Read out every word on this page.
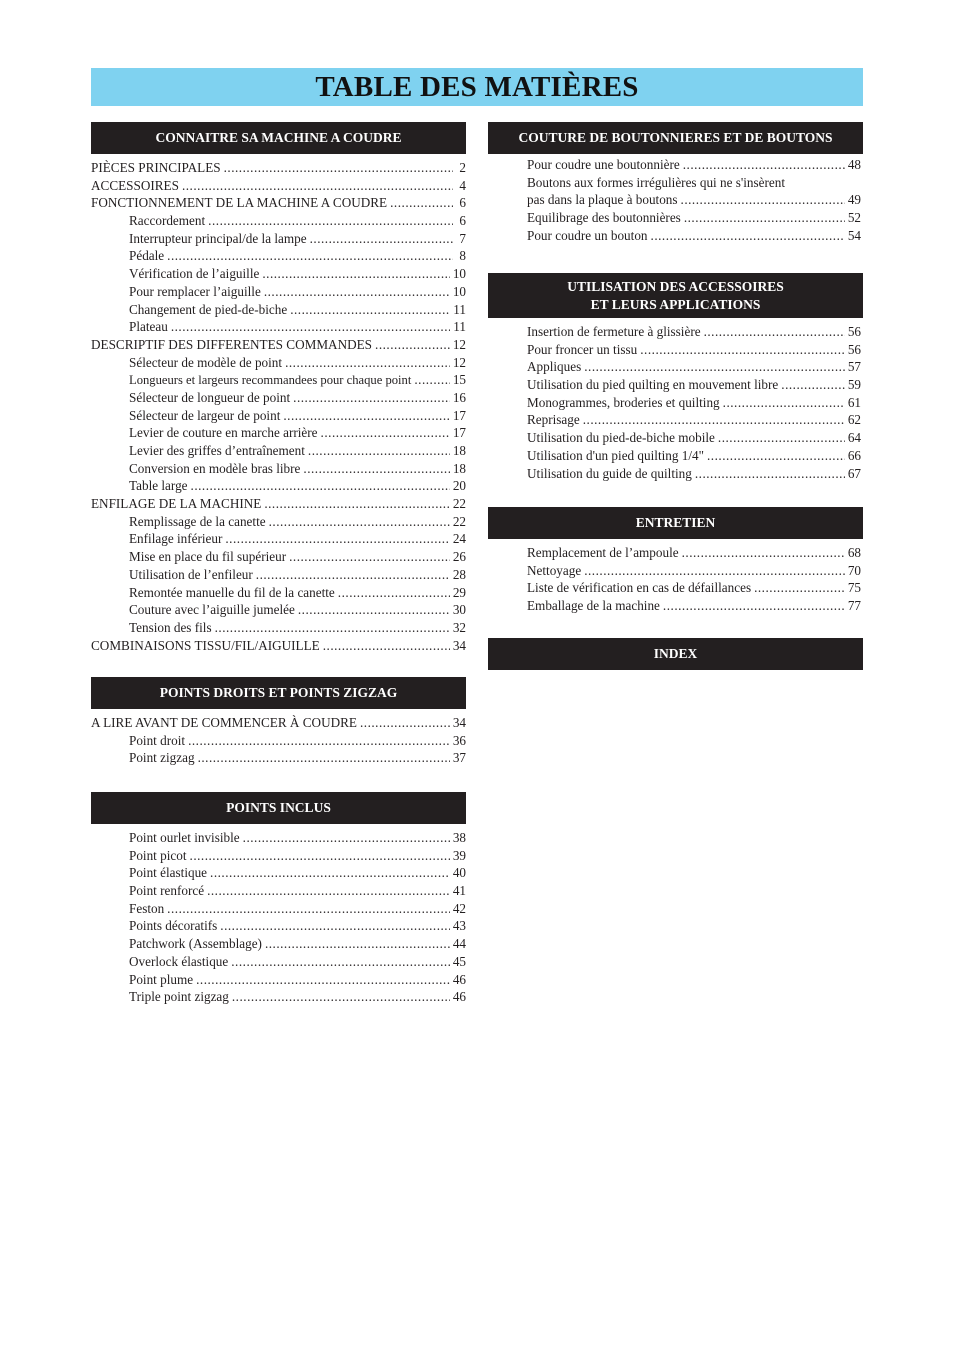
TABLE DES MATIÈRES
CONNAITRE SA MACHINE A COUDRE
PIÈCES PRINCIPALES .....	2
ACCESSOIRES .....	4
FONCTIONNEMENT DE LA MACHINE A COUDRE .....	6
Raccordement .....	6
Interrupteur principal/de la lampe .....	7
Pédale .....	8
Vérification de l’aiguille .....	10
Pour remplacer l’aiguille .....	10
Changement de pied-de-biche .....	11
Plateau .....	11
DESCRIPTIF DES DIFFERENTES COMMANDES .....	12
Sélecteur de modèle de point .....	12
Longueurs et largeurs recommandees pour chaque point .....	15
Sélecteur de longueur de point .....	16
Sélecteur de largeur de point .....	17
Levier de couture en marche arrière .....	17
Levier des griffes d’entraînement .....	18
Conversion en modèle bras libre .....	18
Table large .....	20
ENFILAGE DE LA MACHINE .....	22
Remplissage de la canette .....	22
Enfilage inférieur .....	24
Mise en place du fil supérieur .....	26
Utilisation de l’enfileur .....	28
Remontée manuelle du fil de la canette .....	29
Couture avec l’aiguille jumelée .....	30
Tension des fils .....	32
COMBINAISONS TISSU/FIL/AIGUILLE .....	34
POINTS DROITS ET POINTS ZIGZAG
A LIRE AVANT DE COMMENCER À COUDRE .....	34
Point droit .....	36
Point zigzag .....	37
POINTS INCLUS
Point ourlet invisible .....	38
Point picot .....	39
Point élastique .....	40
Point renforcé .....	41
Feston .....	42
Points décoratifs .....	43
Patchwork (Assemblage) .....	44
Overlock élastique .....	45
Point plume .....	46
Triple point zigzag .....	46
COUTURE DE BOUTONNIERES ET DE BOUTONS
Pour coudre une boutonnière .....	48
Boutons aux formes irrégulières qui ne s'insèrent
pas dans la plaque à boutons .....	49
Equilibrage des boutonnières .....	52
Pour coudre un bouton .....	54
UTILISATION DES ACCESSOIRES
ET LEURS APPLICATIONS
Insertion de fermeture à glissière .....	56
Pour froncer un tissu .....	56
Appliques .....	57
Utilisation du pied quilting en mouvement libre .....	59
Monogrammes, broderies et quilting .....	61
Reprisage .....	62
Utilisation du pied-de-biche mobile .....	64
Utilisation d'un pied quilting 1/4" .....	66
Utilisation du guide de quilting .....	67
ENTRETIEN
Remplacement de l’ampoule .....	68
Nettoyage .....	70
Liste de vérification en cas de défaillances .....	75
Emballage de la machine .....	77
INDEX
